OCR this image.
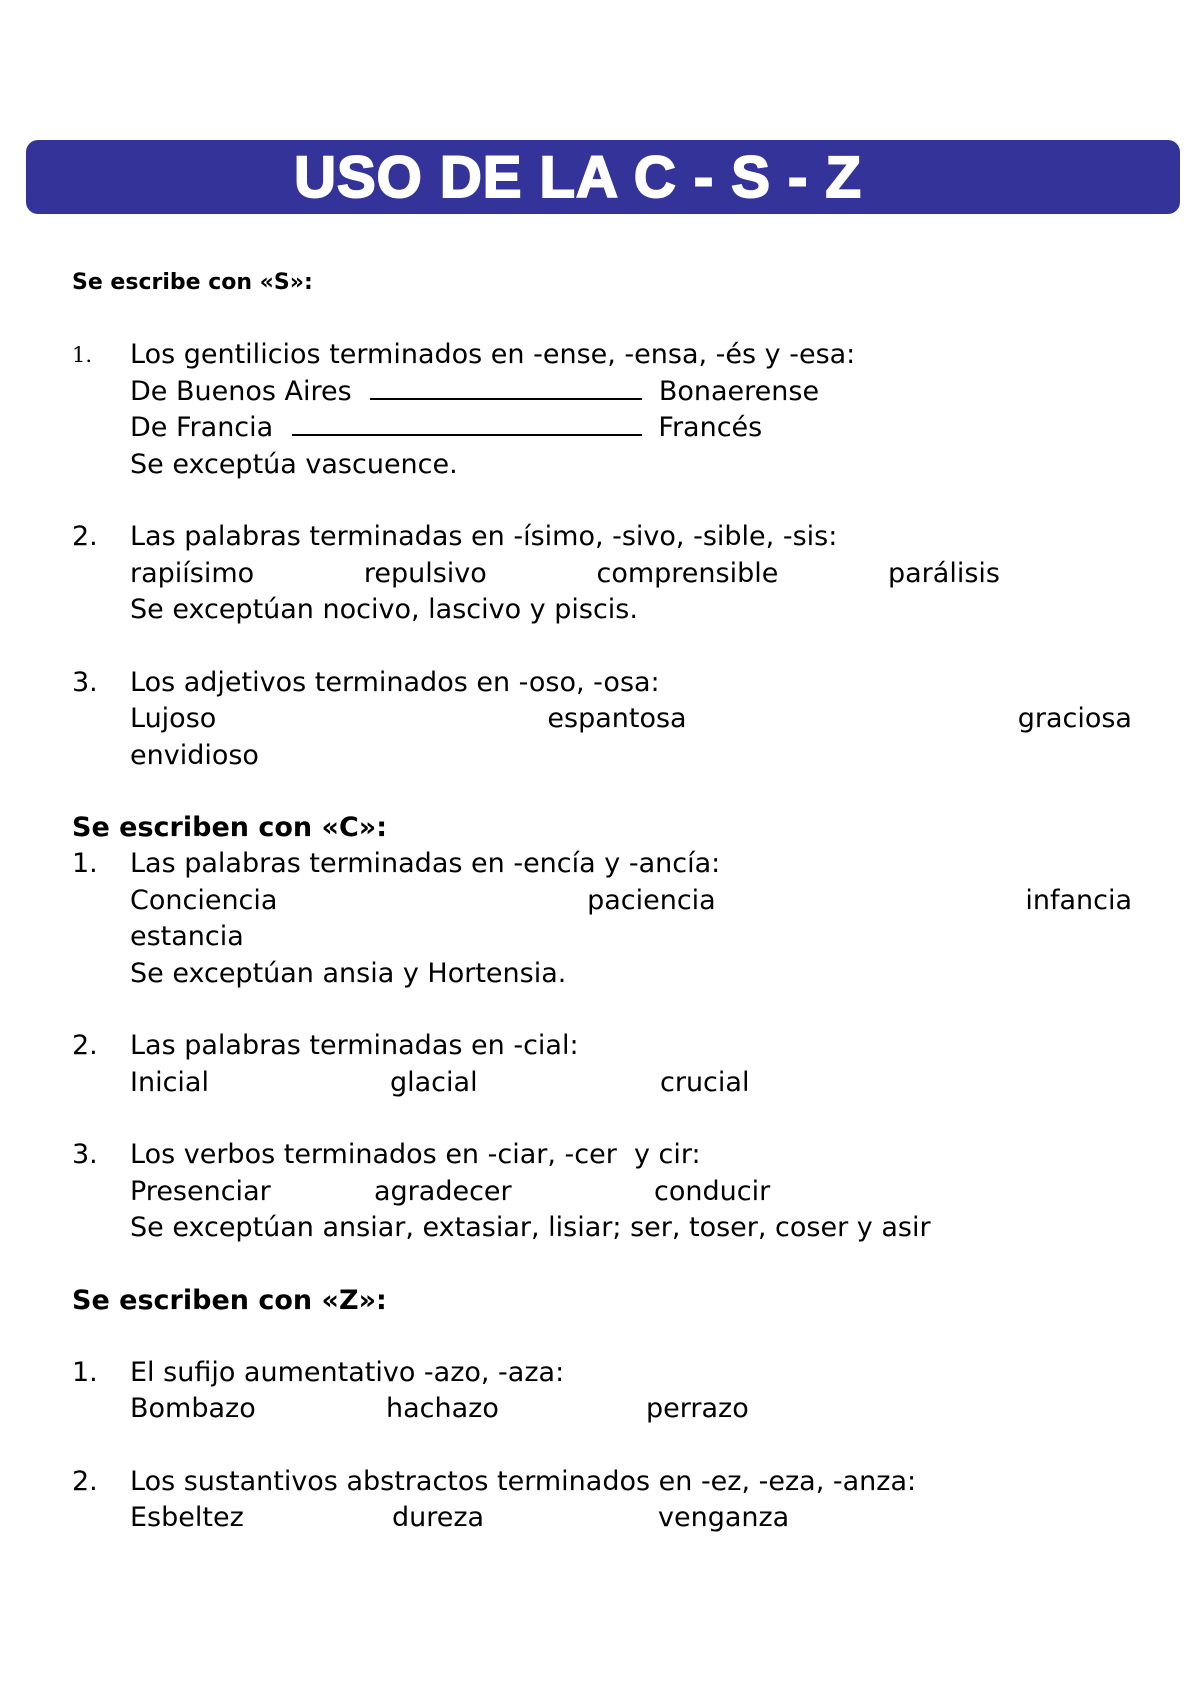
USO DE LA C - S - Z
Se escribe con «S»:
1.	Los gentilicios terminados en -ense, -ensa, -és y -esa:
De Buenos Aires	Bonaerense
De Francia	Francés
Se exceptúa vascuence.
2.	Las palabras terminadas en -ísimo, -sivo, -sible, -sis:
rapiísimo	repulsivo	comprensible	parálisis
Se exceptúan nocivo, lascivo y piscis.
3.	Los adjetivos terminados en -oso, -osa:
Lujoso	espantosa	graciosa
envidioso
Se escriben con «C»:
1.	Las palabras terminadas en -encía y -ancía:
Conciencia	paciencia	infancia
estancia
Se exceptúan ansia y Hortensia.
2.	Las palabras terminadas en -cial:
Inicial	glacial	crucial
3.	Los verbos terminados en -ciar, -cer  y cir:
Presenciar	agradecer	conducir
Se exceptúan ansiar, extasiar, lisiar; ser, toser, coser y asir
Se escriben con «Z»:
1.	El sufijo aumentativo -azo, -aza:
Bombazo	hachazo	perrazo
2.	Los sustantivos abstractos terminados en -ez, -eza, -anza:
Esbeltez	dureza	venganza
